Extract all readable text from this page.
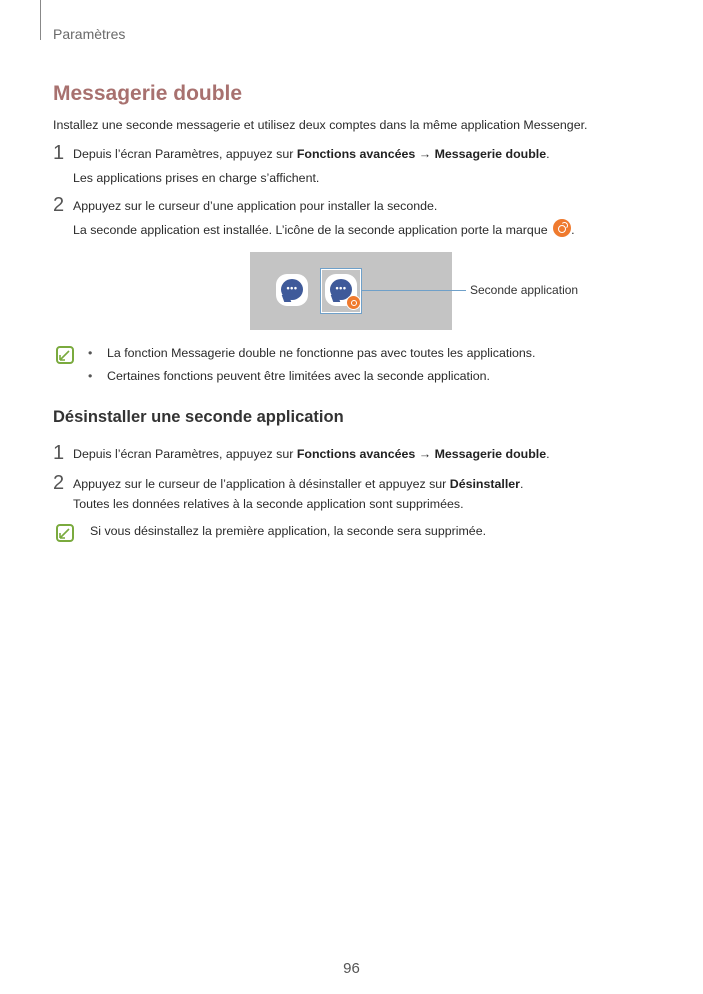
Paramètres
Messagerie double
Installez une seconde messagerie et utilisez deux comptes dans la même application Messenger.
1 Depuis l’écran Paramètres, appuyez sur Fonctions avancées → Messagerie double.
Les applications prises en charge s’affichent.
2 Appuyez sur le curseur d’une application pour installer la seconde.
La seconde application est installée. L’icône de la seconde application porte la marque .
•••	•••	Seconde application
• La fonction Messagerie double ne fonctionne pas avec toutes les applications.
• Certaines fonctions peuvent être limitées avec la seconde application.
Désinstaller une seconde application
1 Depuis l’écran Paramètres, appuyez sur Fonctions avancées → Messagerie double.
2 Appuyez sur le curseur de l’application à désinstaller et appuyez sur Désinstaller.
Toutes les données relatives à la seconde application sont supprimées.
Si vous désinstallez la première application, la seconde sera supprimée.
96
